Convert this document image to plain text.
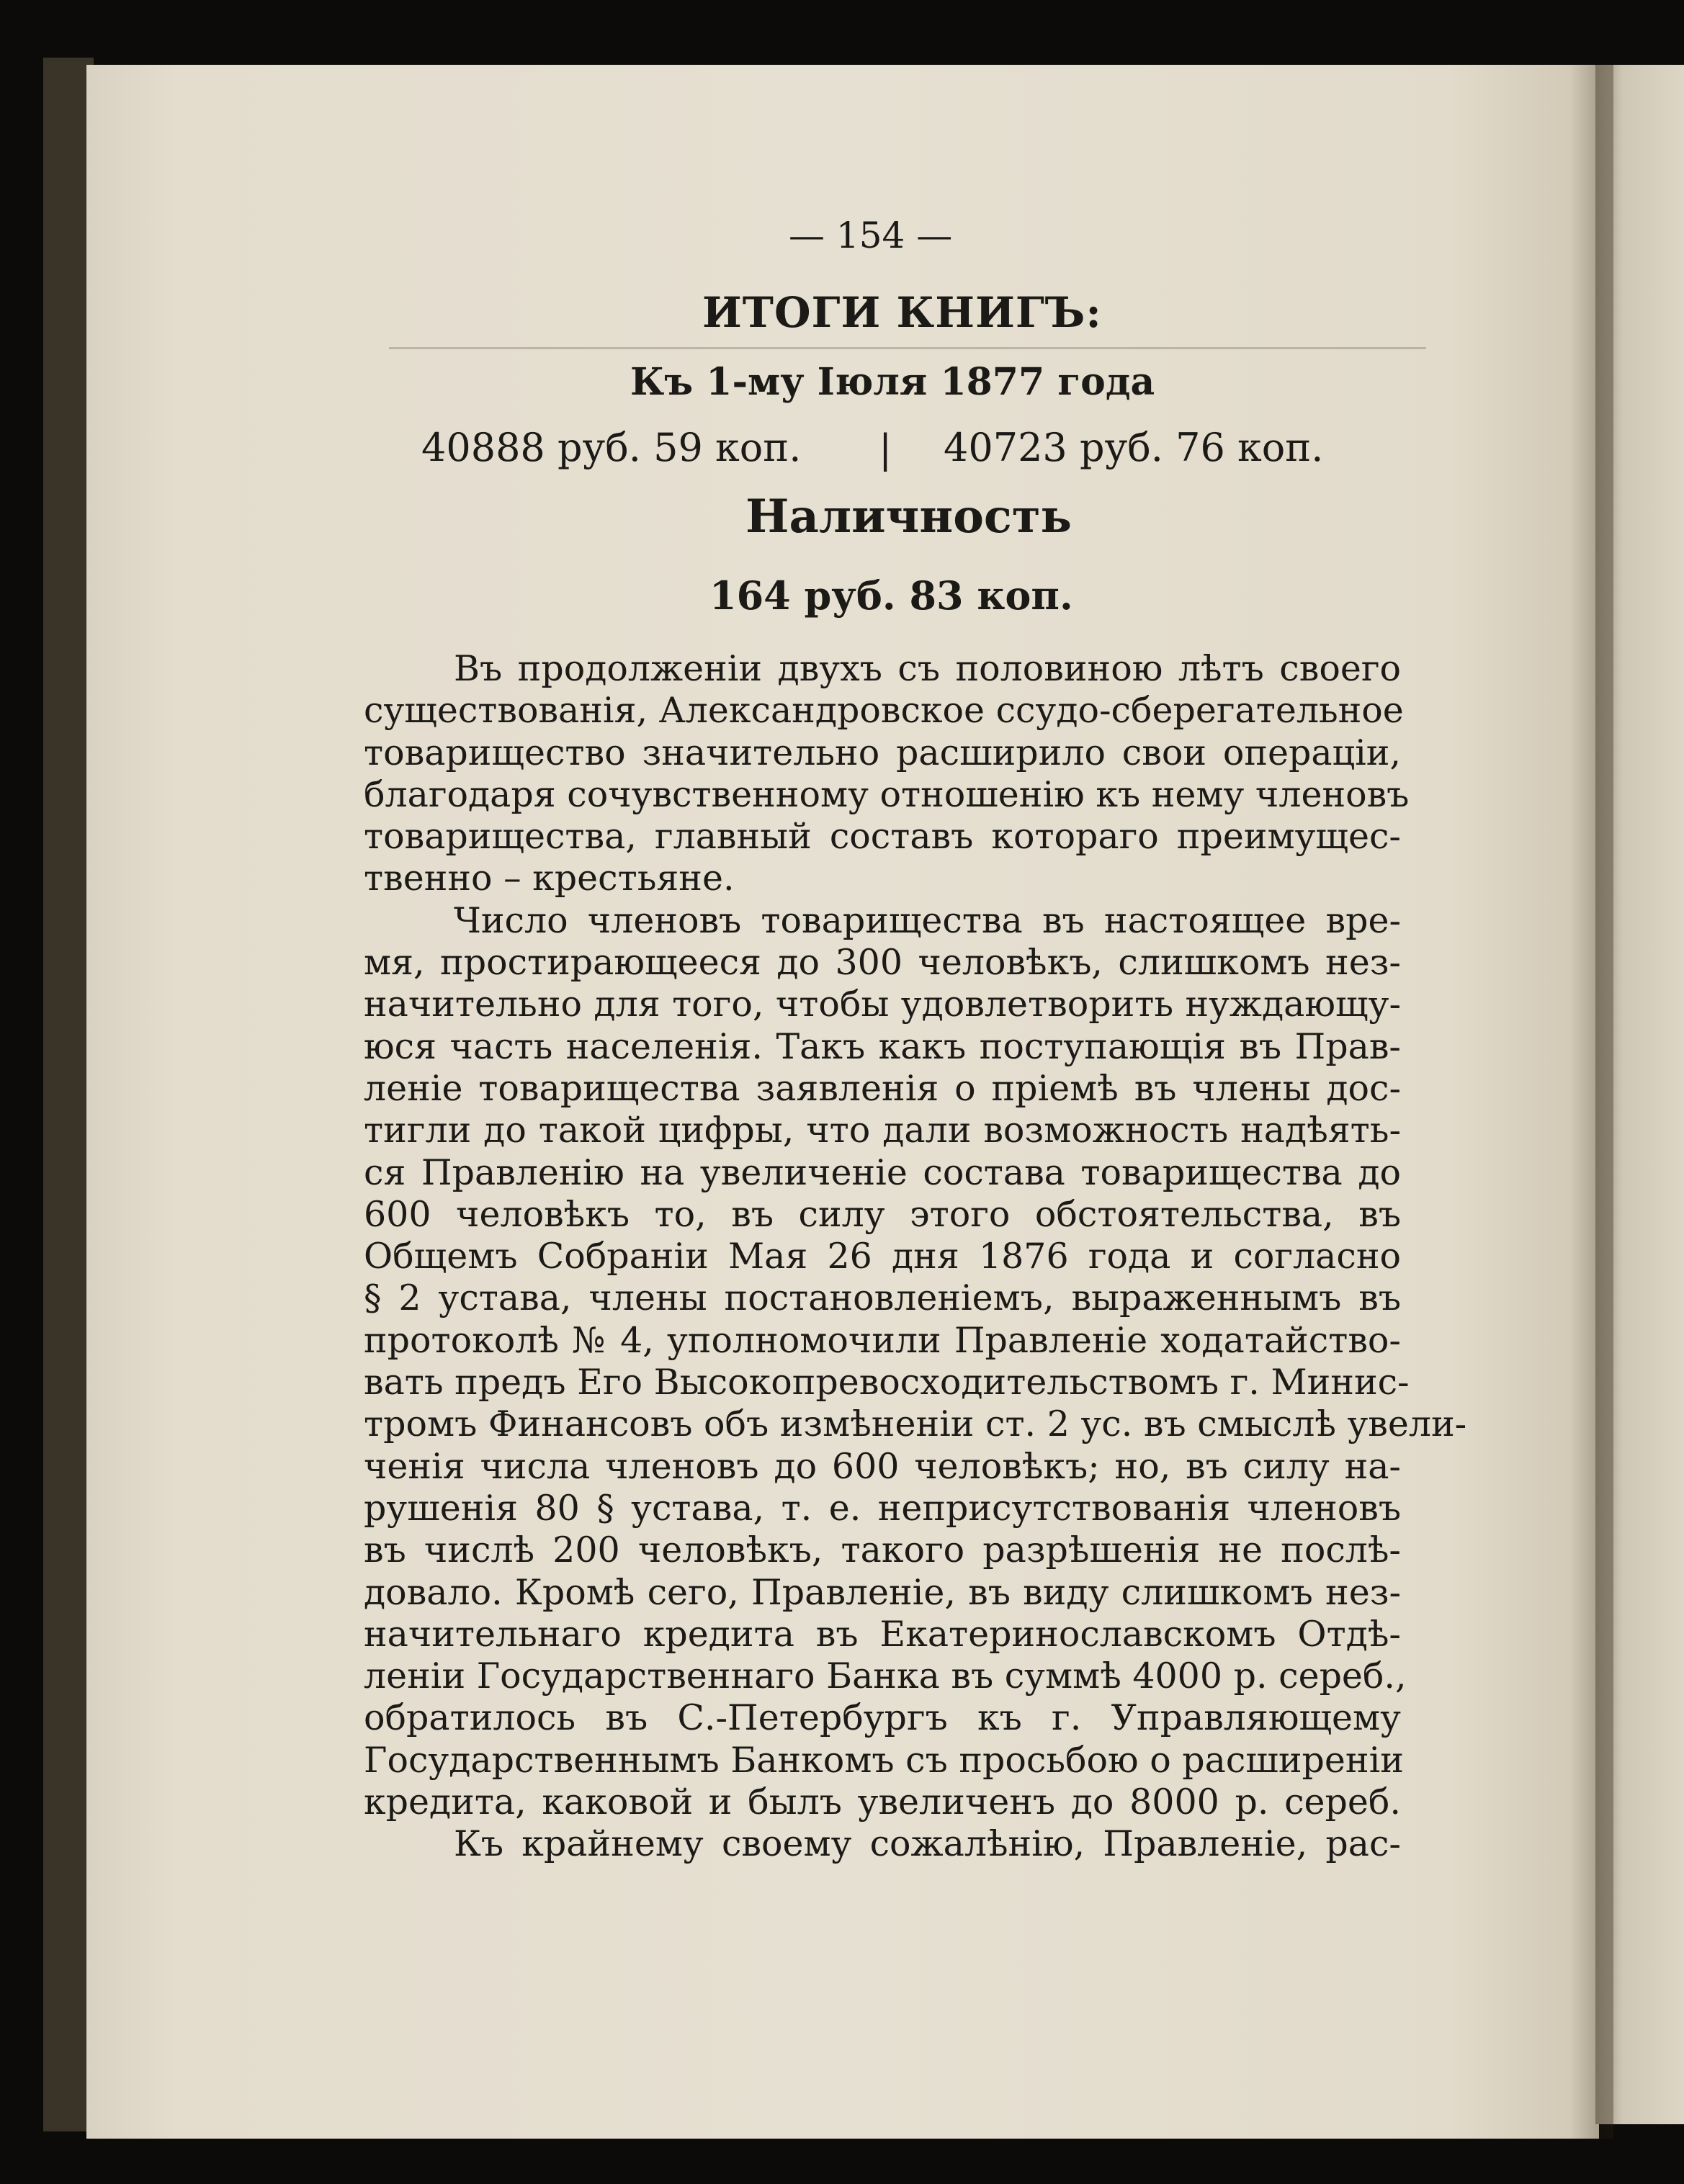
— 154 —
ИТОГИ КНИГЪ:
Къ 1-му Іюля 1877 года
40888 руб. 59 коп. | 40723 руб. 76 коп.
Наличность
164 руб. 83 коп.
Въ продолженіи двухъ съ половиною лѣтъ своего
существованія, Александровское ссудо-сберегательное
товарищество значительно расширило свои операціи,
благодаря сочувственному отношенію къ нему членовъ
товарищества, главный составъ котораго преимущес-
твенно – крестьяне.
Число членовъ товарищества въ настоящее вре-
мя, простирающееся до 300 человѣкъ, слишкомъ нез-
начительно для того, чтобы удовлетворить нуждающу-
юся часть населенія. Такъ какъ поступающія въ Прав-
леніе товарищества заявленія о пріемѣ въ члены дос-
тигли до такой цифры, что дали возможность надѣять-
ся Правленію на увеличеніе состава товарищества до
600 человѣкъ то, въ силу этого обстоятельства, въ
Общемъ Собраніи Мая 26 дня 1876 года и согласно
§ 2 устава, члены постановленіемъ, выраженнымъ въ
протоколѣ № 4, уполномочили Правленіе ходатайство-
вать предъ Его Высокопревосходительствомъ г. Минис-
тромъ Финансовъ объ измѣненіи ст. 2 ус. въ смыслѣ увели-
ченія числа членовъ до 600 человѣкъ; но, въ силу на-
рушенія 80 § устава, т. е. неприсутствованія членовъ
въ числѣ 200 человѣкъ, такого разрѣшенія не послѣ-
довало. Кромѣ сего, Правленіе, въ виду слишкомъ нез-
начительнаго кредита въ Екатеринославскомъ Отдѣ-
леніи Государственнаго Банка въ суммѣ 4000 р. сереб.,
обратилось въ С.-Петербургъ къ г. Управляющему
Государственнымъ Банкомъ съ просьбою о расширеніи
кредита, каковой и былъ увеличенъ до 8000 р. сереб.
Къ крайнему своему сожалѣнію, Правленіе, рас-
